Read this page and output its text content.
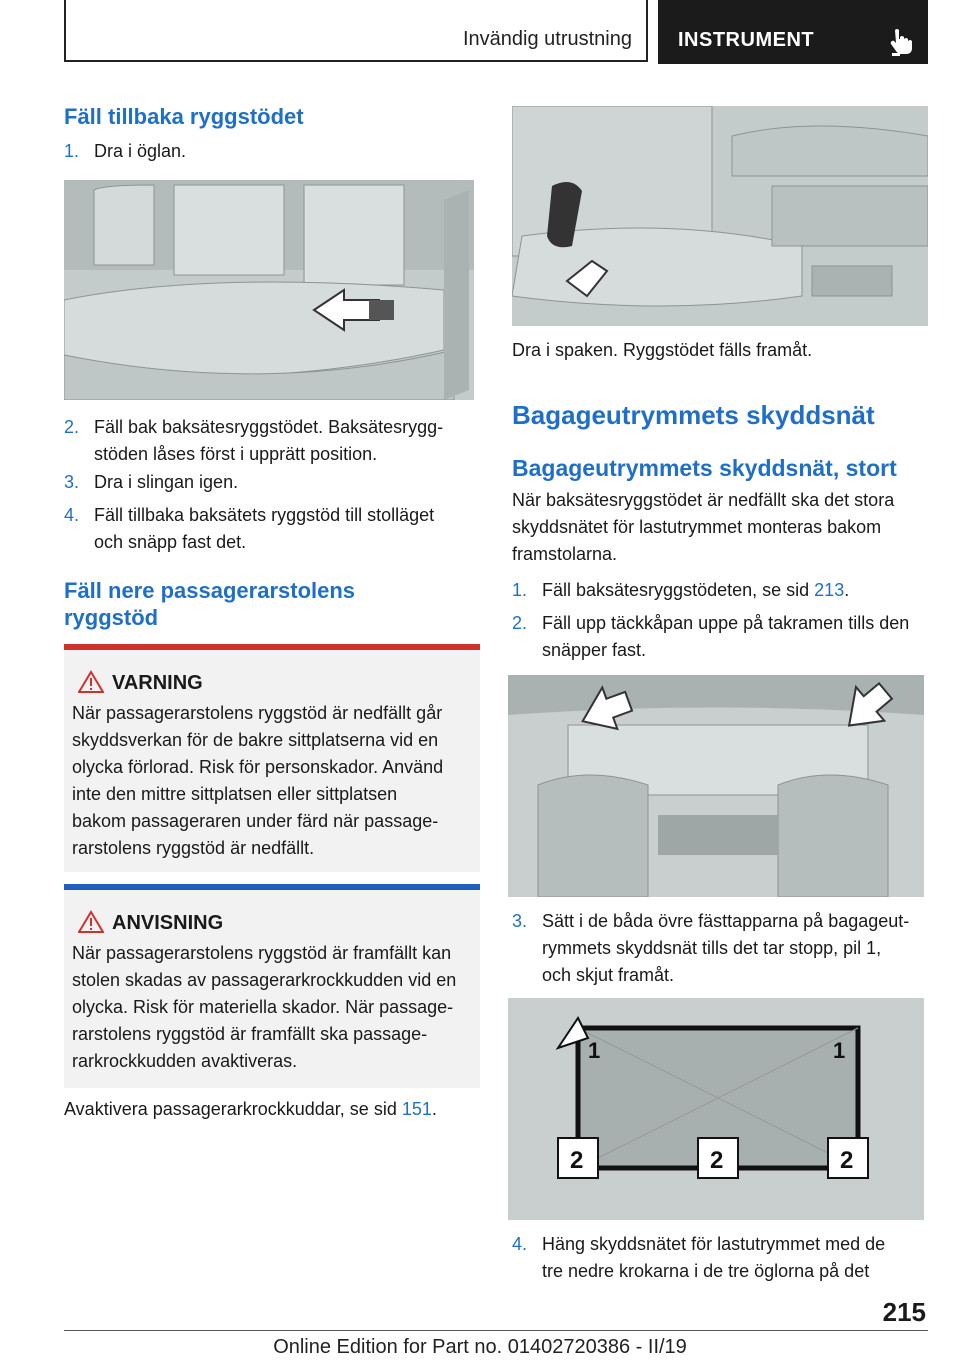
Invändig utrustning INSTRUMENT
Fäll tillbaka ryggstödet
1. Dra i öglan.
2. Fäll bak baksätesryggstödet. Baksätesrygg‐
stöden låses först i upprätt position.
3. Dra i slingan igen.
4. Fäll tillbaka baksätets ryggstöd till stolläget
och snäpp fast det.
Fäll nere passagerarstolens
ryggstöd
VARNING
När passagerarstolens ryggstöd är nedfällt går
skyddsverkan för de bakre sittplatserna vid en
olycka förlorad. Risk för personskador. Använd
inte den mittre sittplatsen eller sittplatsen
bakom passageraren under färd när passage‐
rarstolens ryggstöd är nedfällt.
ANVISNING
När passagerarstolens ryggstöd är framfällt kan
stolen skadas av passagerarkrockkudden vid en
olycka. Risk för materiella skador. När passage‐
rarstolens ryggstöd är framfällt ska passage‐
rarkrockkudden avaktiveras.
Avaktivera passagerarkrockkuddar, se sid 151.
Dra i spaken. Ryggstödet fälls framåt.
Bagageutrymmets skyddsnät
Bagageutrymmets skyddsnät, stort
När baksätesryggstödet är nedfällt ska det stora
skyddsnätet för lastutrymmet monteras bakom
framstolarna.
1. Fäll baksätesryggstödeten, se sid 213.
2. Fäll upp täckkåpan uppe på takramen tills den
snäpper fast.
3. Sätt i de båda övre fästtapparna på bagageut‐
rymmets skyddsnät tills det tar stopp, pil 1,
och skjut framåt.
1	1
2	2	2
4. Häng skyddsnätet för lastutrymmet med de
tre nedre krokarna i de tre öglorna på det
215
Online Edition for Part no. 01402720386 - II/19
